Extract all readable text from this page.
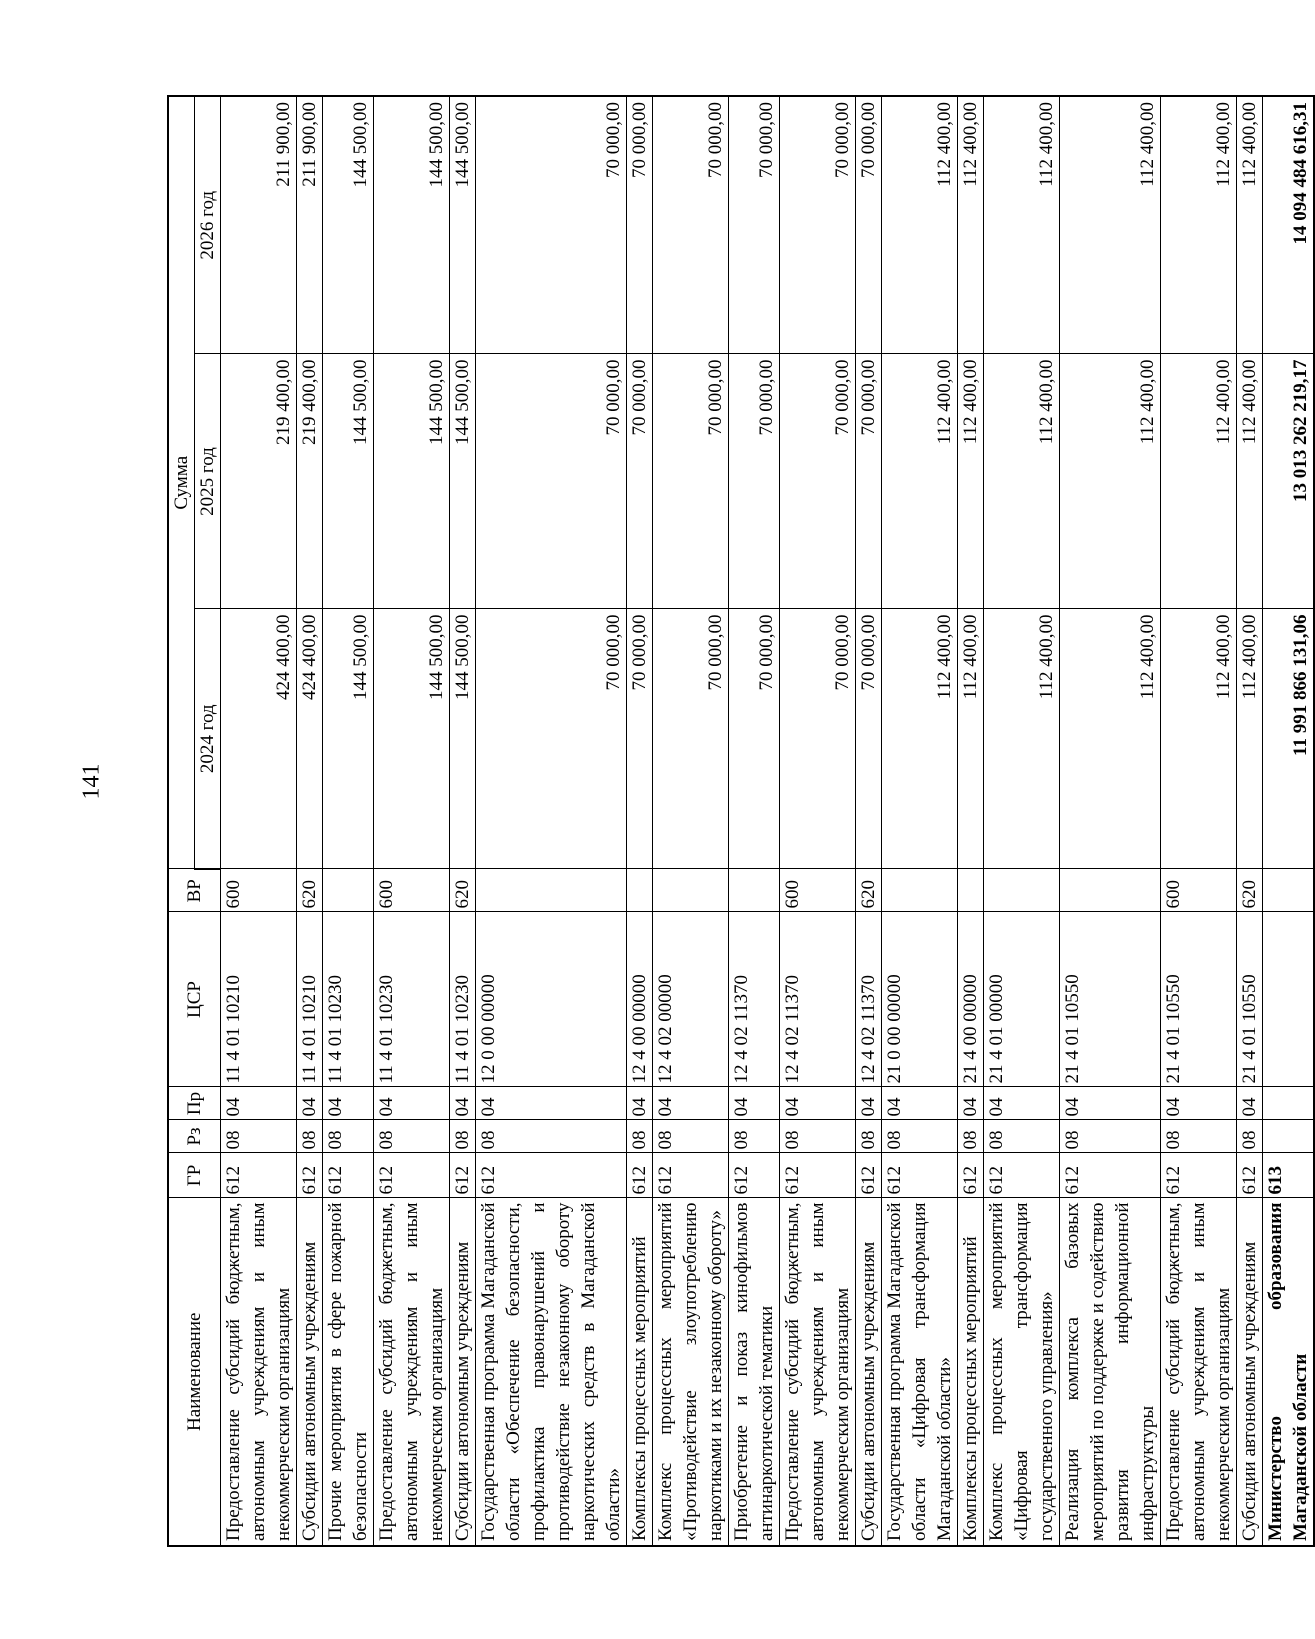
141
Наименование	ГР	Рз	Пр	ЦСР	ВР	Сумма		
						2024 год	2025 год	2026 год
Предоставление субсидий бюджетным, автономным учреждениям и иным некоммерческим организациям	612	08	04	11 4 01 10210	600	424 400,00	219 400,00	211 900,00
Субсидии автономным учреждениям	612	08	04	11 4 01 10210	620	424 400,00	219 400,00	211 900,00
Прочие мероприятия в сфере пожарной безопасности	612	08	04	11 4 01 10230		144 500,00	144 500,00	144 500,00
Предоставление субсидий бюджетным, автономным учреждениям и иным некоммерческим организациям	612	08	04	11 4 01 10230	600	144 500,00	144 500,00	144 500,00
Субсидии автономным учреждениям	612	08	04	11 4 01 10230	620	144 500,00	144 500,00	144 500,00
Государственная программа Магаданской области «Обеспечение безопасности, профилактика правонарушений и противодействие незаконному обороту наркотических средств в Магаданской области»	612	08	04	12 0 00 00000		70 000,00	70 000,00	70 000,00
Комплексы процессных мероприятий	612	08	04	12 4 00 00000		70 000,00	70 000,00	70 000,00
Комплекс процессных мероприятий «Противодействие злоупотреблению наркотиками и их незаконному обороту»	612	08	04	12 4 02 00000		70 000,00	70 000,00	70 000,00
Приобретение и показ кинофильмов антинаркотической тематики	612	08	04	12 4 02 11370		70 000,00	70 000,00	70 000,00
Предоставление субсидий бюджетным, автономным учреждениям и иным некоммерческим организациям	612	08	04	12 4 02 11370	600	70 000,00	70 000,00	70 000,00
Субсидии автономным учреждениям	612	08	04	12 4 02 11370	620	70 000,00	70 000,00	70 000,00
Государственная программа Магаданской области «Цифровая трансформация Магаданской области»	612	08	04	21 0 00 00000		112 400,00	112 400,00	112 400,00
Комплексы процессных мероприятий	612	08	04	21 4 00 00000		112 400,00	112 400,00	112 400,00
Комплекс процессных мероприятий «Цифровая трансформация государственного управления»	612	08	04	21 4 01 00000		112 400,00	112 400,00	112 400,00
Реализация комплекса базовых мероприятий по поддержке и содействию развития информационной инфраструктуры	612	08	04	21 4 01 10550		112 400,00	112 400,00	112 400,00
Предоставление субсидий бюджетным, автономным учреждениям и иным некоммерческим организациям	612	08	04	21 4 01 10550	600	112 400,00	112 400,00	112 400,00
Субсидии автономным учреждениям	612	08	04	21 4 01 10550	620	112 400,00	112 400,00	112 400,00
Министерство образования Магаданской области	613					11 991 866 131,06	13 013 262 219,17	14 094 484 616,31
